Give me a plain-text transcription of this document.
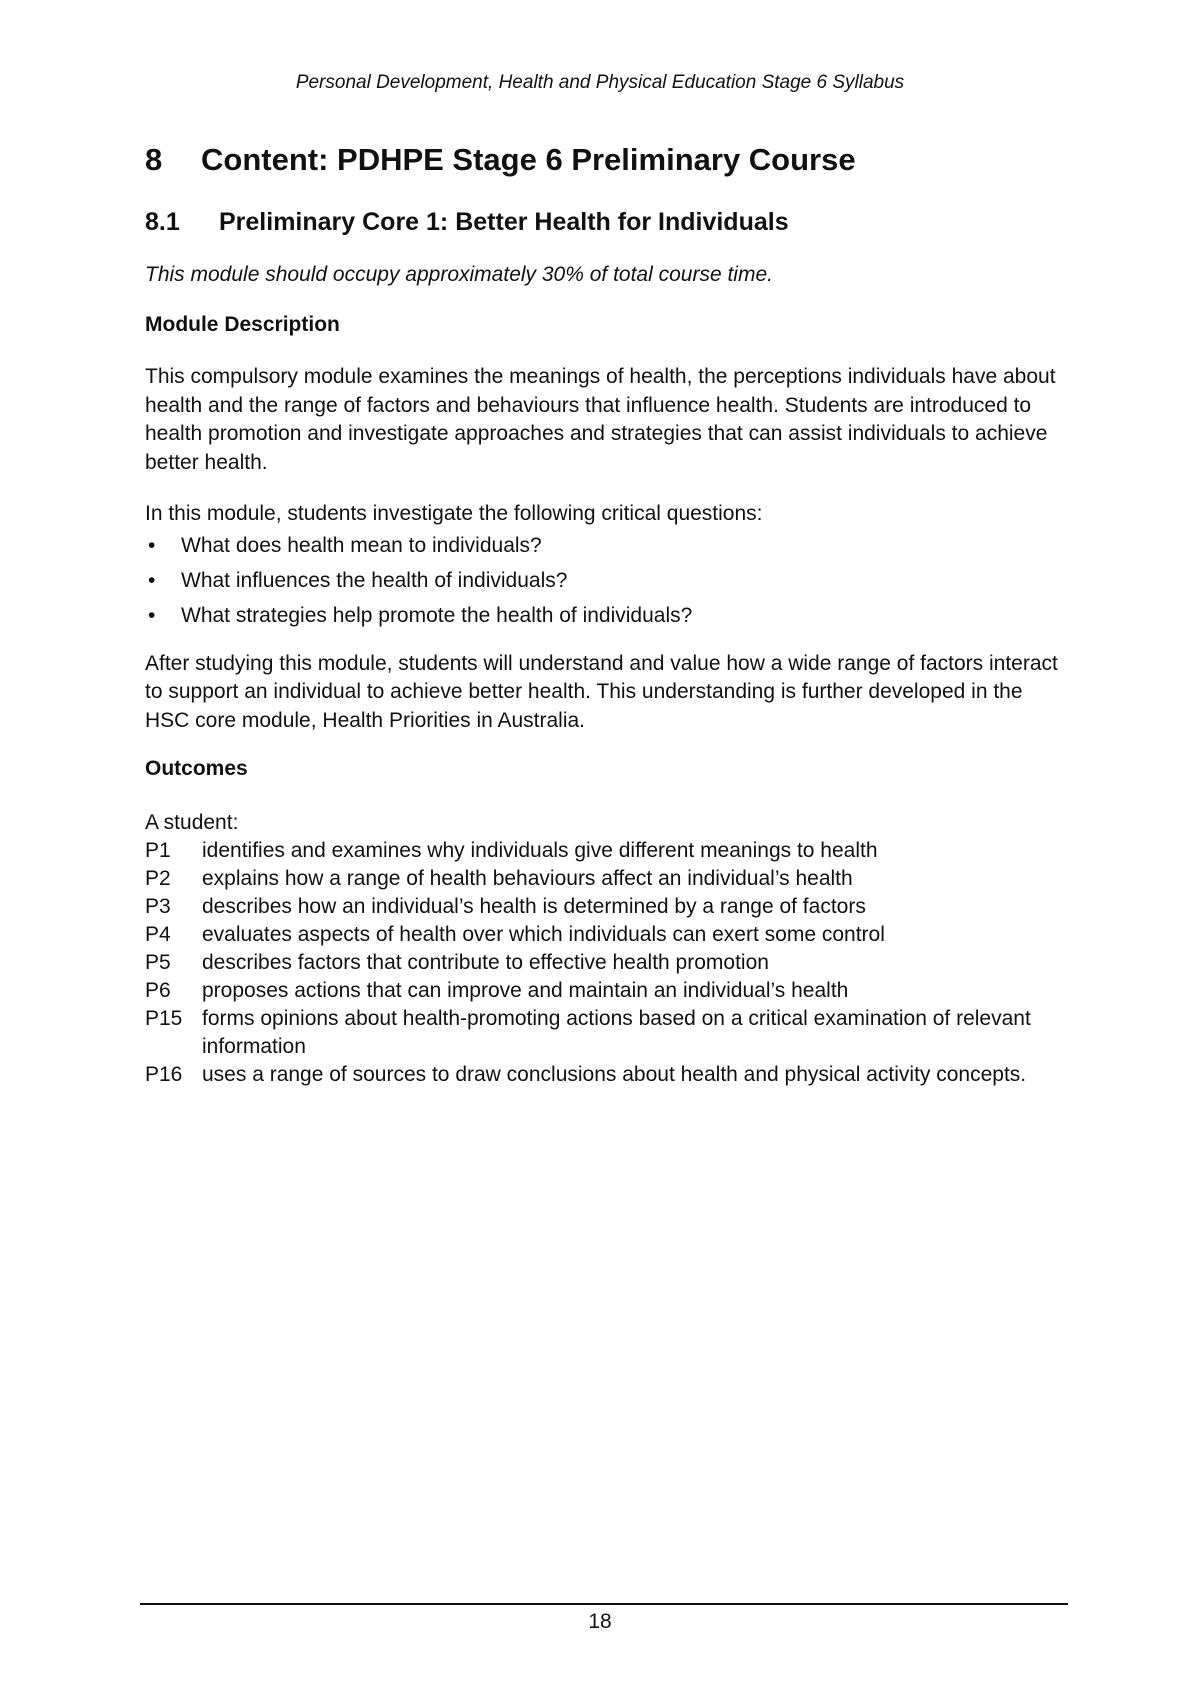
Personal Development, Health and Physical Education Stage 6 Syllabus
8	Content: PDHPE Stage 6 Preliminary Course
8.1	Preliminary Core 1: Better Health for Individuals
This module should occupy approximately 30% of total course time.
Module Description

This compulsory module examines the meanings of health, the perceptions individuals have about health and the range of factors and behaviours that influence health. Students are introduced to health promotion and investigate approaches and strategies that can assist individuals to achieve better health.

In this module, students investigate the following critical questions:

•	What does health mean to individuals?
•	What influences the health of individuals?
•	What strategies help promote the health of individuals?

After studying this module, students will understand and value how a wide range of factors interact to support an individual to achieve better health. This understanding is further developed in the HSC core module, Health Priorities in Australia.

Outcomes
A student:
P1	identifies and examines why individuals give different meanings to health
P2	explains how a range of health behaviours affect an individual’s health
P3	describes how an individual’s health is determined by a range of factors
P4	evaluates aspects of health over which individuals can exert some control
P5	describes factors that contribute to effective health promotion
P6	proposes actions that can improve and maintain an individual’s health
P15 forms opinions about health-promoting actions based on a critical examination of relevant information
P16 uses a range of sources to draw conclusions about health and physical activity concepts.
18
